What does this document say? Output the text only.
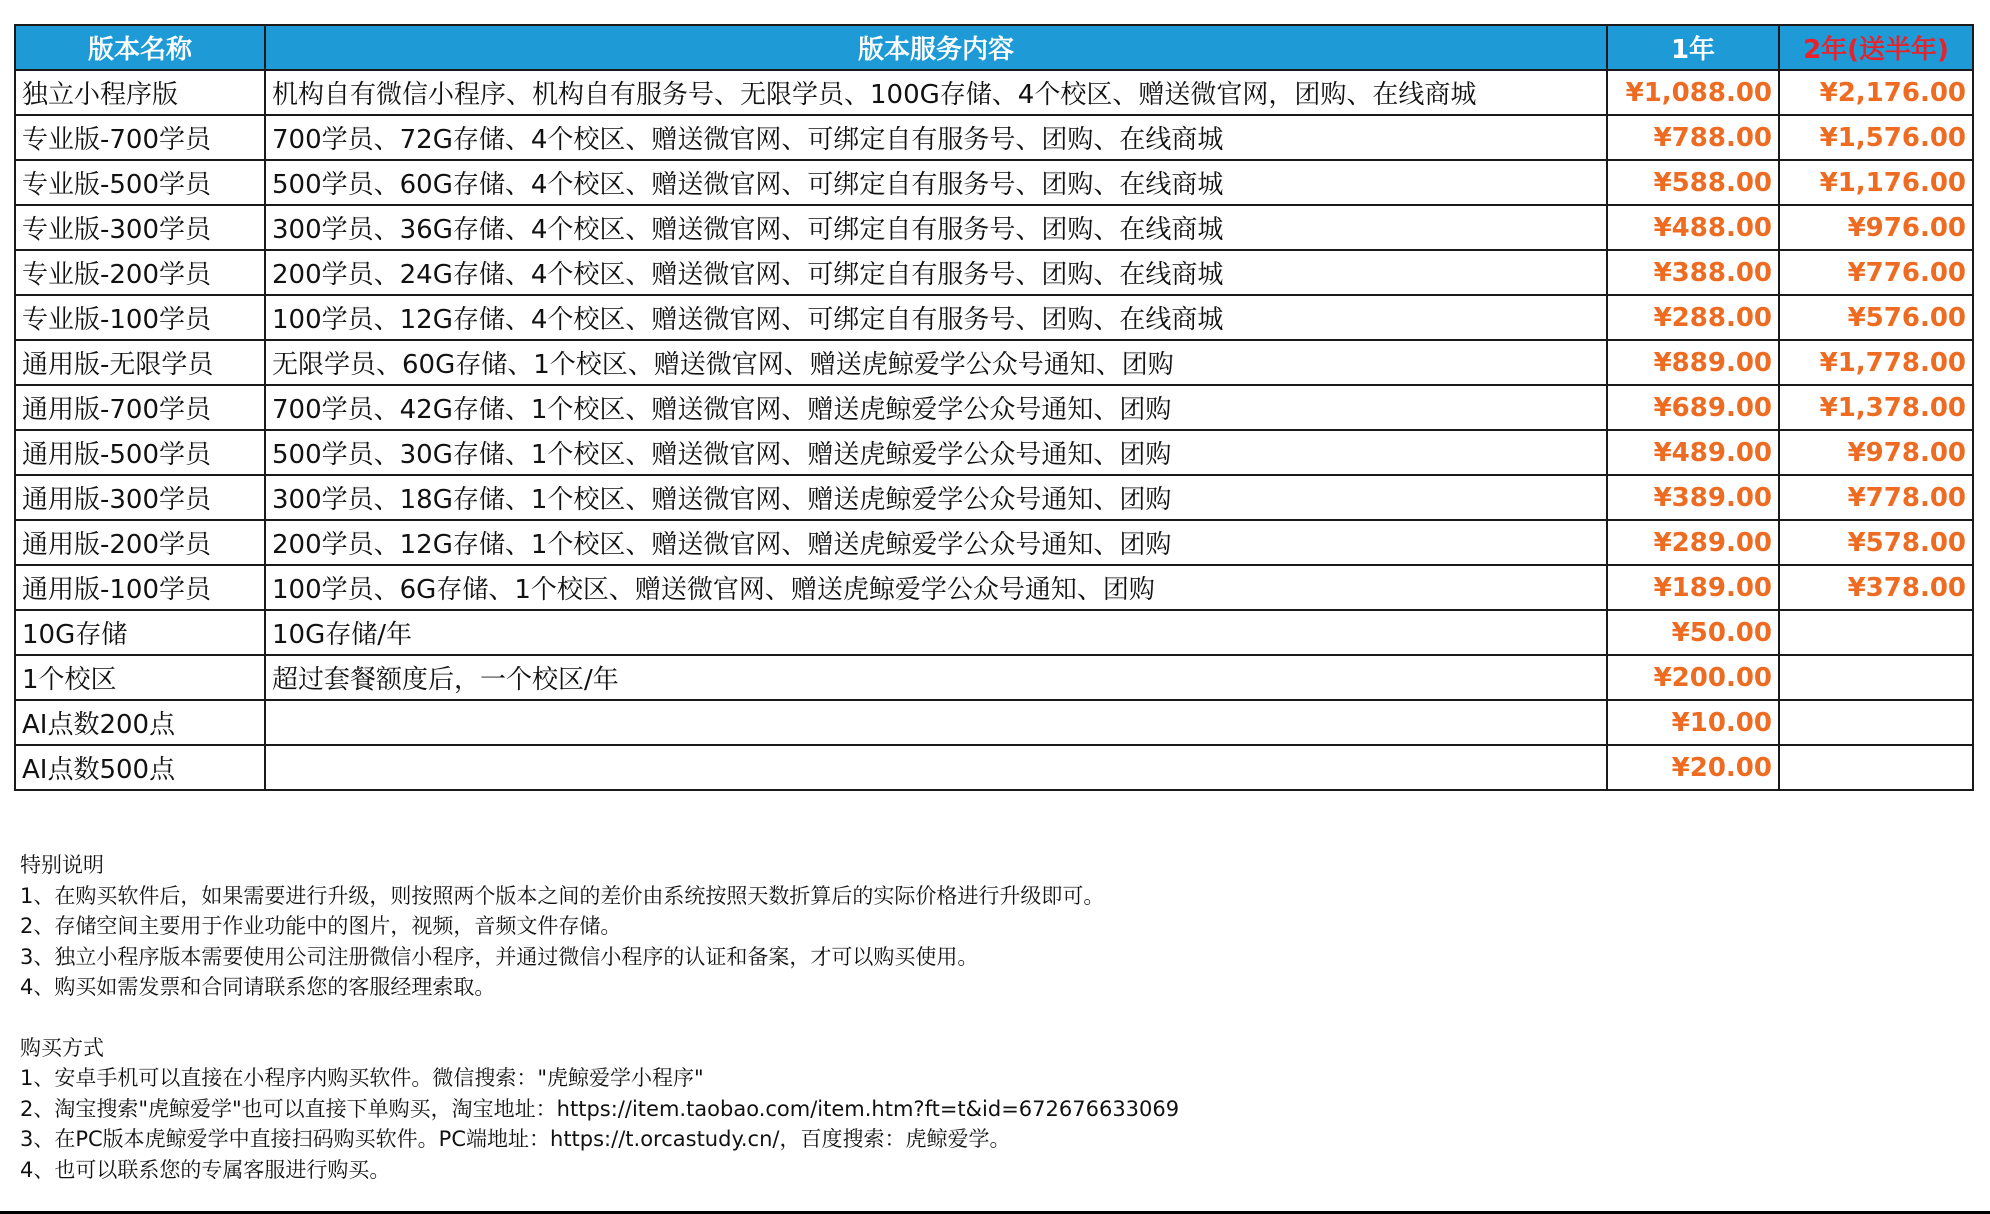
版本名称	版本服务内容	1年	2年(送半年)
独立小程序版	机构自有微信小程序、机构自有服务号、无限学员、100G存储、4个校区、赠送微官网，团购、在线商城	¥1,088.00	¥2,176.00
专业版-700学员	700学员、72G存储、4个校区、赠送微官网、可绑定自有服务号、团购、在线商城	¥788.00	¥1,576.00
专业版-500学员	500学员、60G存储、4个校区、赠送微官网、可绑定自有服务号、团购、在线商城	¥588.00	¥1,176.00
专业版-300学员	300学员、36G存储、4个校区、赠送微官网、可绑定自有服务号、团购、在线商城	¥488.00	¥976.00
专业版-200学员	200学员、24G存储、4个校区、赠送微官网、可绑定自有服务号、团购、在线商城	¥388.00	¥776.00
专业版-100学员	100学员、12G存储、4个校区、赠送微官网、可绑定自有服务号、团购、在线商城	¥288.00	¥576.00
通用版-无限学员	无限学员、60G存储、1个校区、赠送微官网、赠送虎鲸爱学公众号通知、团购	¥889.00	¥1,778.00
通用版-700学员	700学员、42G存储、1个校区、赠送微官网、赠送虎鲸爱学公众号通知、团购	¥689.00	¥1,378.00
通用版-500学员	500学员、30G存储、1个校区、赠送微官网、赠送虎鲸爱学公众号通知、团购	¥489.00	¥978.00
通用版-300学员	300学员、18G存储、1个校区、赠送微官网、赠送虎鲸爱学公众号通知、团购	¥389.00	¥778.00
通用版-200学员	200学员、12G存储、1个校区、赠送微官网、赠送虎鲸爱学公众号通知、团购	¥289.00	¥578.00
通用版-100学员	100学员、6G存储、1个校区、赠送微官网、赠送虎鲸爱学公众号通知、团购	¥189.00	¥378.00
10G存储	10G存储/年	¥50.00	
1个校区	超过套餐额度后，一个校区/年	¥200.00	
AI点数200点		¥10.00	
AI点数500点		¥20.00	
特别说明
1、在购买软件后，如果需要进行升级，则按照两个版本之间的差价由系统按照天数折算后的实际价格进行升级即可。
2、存储空间主要用于作业功能中的图片，视频，音频文件存储。
3、独立小程序版本需要使用公司注册微信小程序，并通过微信小程序的认证和备案，才可以购买使用。
4、购买如需发票和合同请联系您的客服经理索取。
购买方式
1、安卓手机可以直接在小程序内购买软件。微信搜索："虎鲸爱学小程序"
2、淘宝搜索"虎鲸爱学"也可以直接下单购买，淘宝地址：https://item.taobao.com/item.htm?ft=t&id=672676633069
3、在PC版本虎鲸爱学中直接扫码购买软件。PC端地址：https://t.orcastudy.cn/，百度搜索：虎鲸爱学。
4、也可以联系您的专属客服进行购买。
